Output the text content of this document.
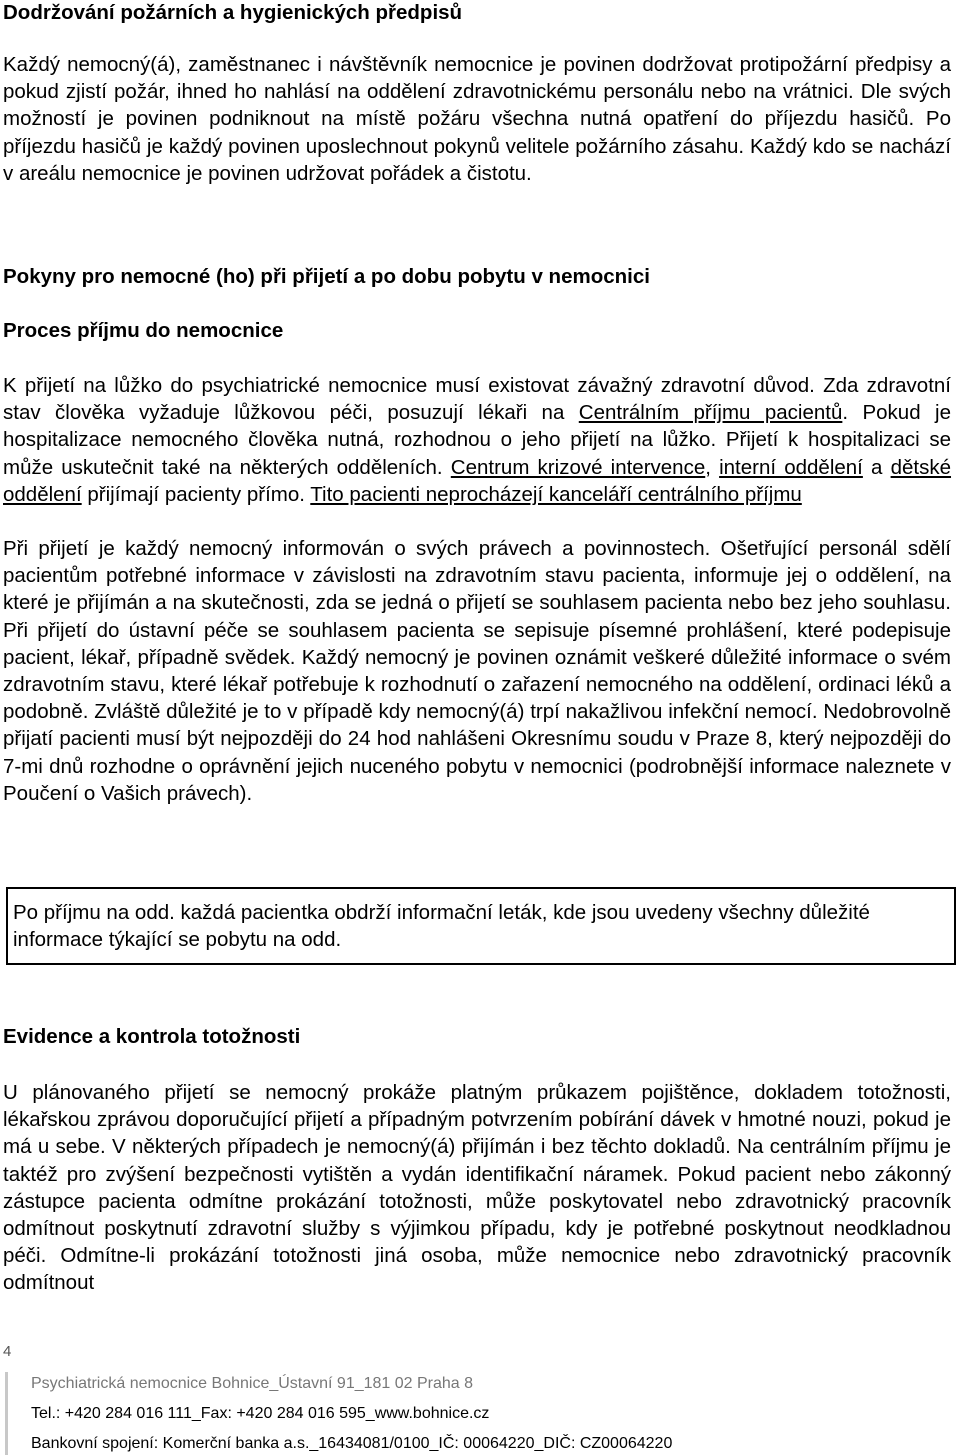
Dodržování požárních a hygienických předpisů

Každý nemocný(á), zaměstnanec i návštěvník nemocnice je povinen dodržovat protipožární předpisy a pokud zjistí požár, ihned ho nahlásí na oddělení zdravotnickému personálu nebo na vrátnici. Dle svých možností je povinen podniknout na místě požáru všechna nutná opatření do příjezdu hasičů. Po příjezdu hasičů je každý povinen uposlechnout pokynů velitele požárního zásahu. Každý kdo se nachází v areálu nemocnice je povinen udržovat pořádek a čistotu.

Pokyny pro nemocné (ho) při přijetí a po dobu pobytu v nemocnici
Proces příjmu do nemocnice

K přijetí na lůžko do psychiatrické nemocnice musí existovat závažný zdravotní důvod. Zda zdravotní stav člověka vyžaduje lůžkovou péči, posuzují lékaři na Centrálním příjmu pacientů. Pokud je hospitalizace nemocného člověka nutná, rozhodnou o jeho přijetí na lůžko. Přijetí k hospitalizaci se může uskutečnit také na některých odděleních. Centrum krizové intervence, interní oddělení a dětské oddělení přijímají pacienty přímo. Tito pacienti neprocházejí kanceláří centrálního příjmu

Při přijetí je každý nemocný informován o svých právech a povinnostech. Ošetřující personál sdělí pacientům potřebné informace v závislosti na zdravotním stavu pacienta, informuje jej o oddělení, na které je přijímán a na skutečnosti, zda se jedná o přijetí se souhlasem pacienta nebo bez jeho souhlasu. Při přijetí do ústavní péče se souhlasem pacienta se sepisuje písemné prohlášení, které podepisuje pacient, lékař, případně svědek. Každý nemocný je povinen oznámit veškeré důležité informace o svém zdravotním stavu, které lékař potřebuje k rozhodnutí o zařazení nemocného na oddělení, ordinaci léků a podobně. Zvláště důležité je to v případě kdy nemocný(á) trpí nakažlivou infekční nemocí. Nedobrovolně přijatí pacienti musí být nejpozději do 24 hod nahlášeni Okresnímu soudu v Praze 8, který nejpozději do 7-mi dnů rozhodne o oprávnění jejich nuceného pobytu v nemocnici (podrobnější informace naleznete v Poučení o Vašich právech).

Po příjmu na odd. každá pacientka obdrží informační leták, kde jsou uvedeny všechny důležité informace týkající se pobytu na odd.
Evidence a kontrola totožnosti

U plánovaného přijetí se nemocný prokáže platným průkazem pojištěnce, dokladem totožnosti, lékařskou zprávou doporučující přijetí a případným potvrzením pobírání dávek v hmotné nouzi, pokud je má u sebe. V některých případech je nemocný(á) přijímán i bez těchto dokladů. Na centrálním příjmu je taktéž pro zvýšení bezpečnosti vytištěn a vydán identifikační náramek. Pokud pacient nebo zákonný zástupce pacienta odmítne prokázání totožnosti, může poskytovatel nebo zdravotnický pracovník odmítnout poskytnutí zdravotní služby s výjimkou případu, kdy je potřebné poskytnout neodkladnou péči. Odmítne-li prokázání totožnosti jiná osoba, může nemocnice nebo zdravotnický pracovník odmítnout

4
Psychiatrická nemocnice Bohnice_Ústavní 91_181 02 Praha 8
Tel.: +420 284 016 111_Fax: +420 284 016 595_www.bohnice.cz
Bankovní spojení: Komerční banka a.s._16434081/0100_IČ: 00064220_DIČ: CZ00064220
